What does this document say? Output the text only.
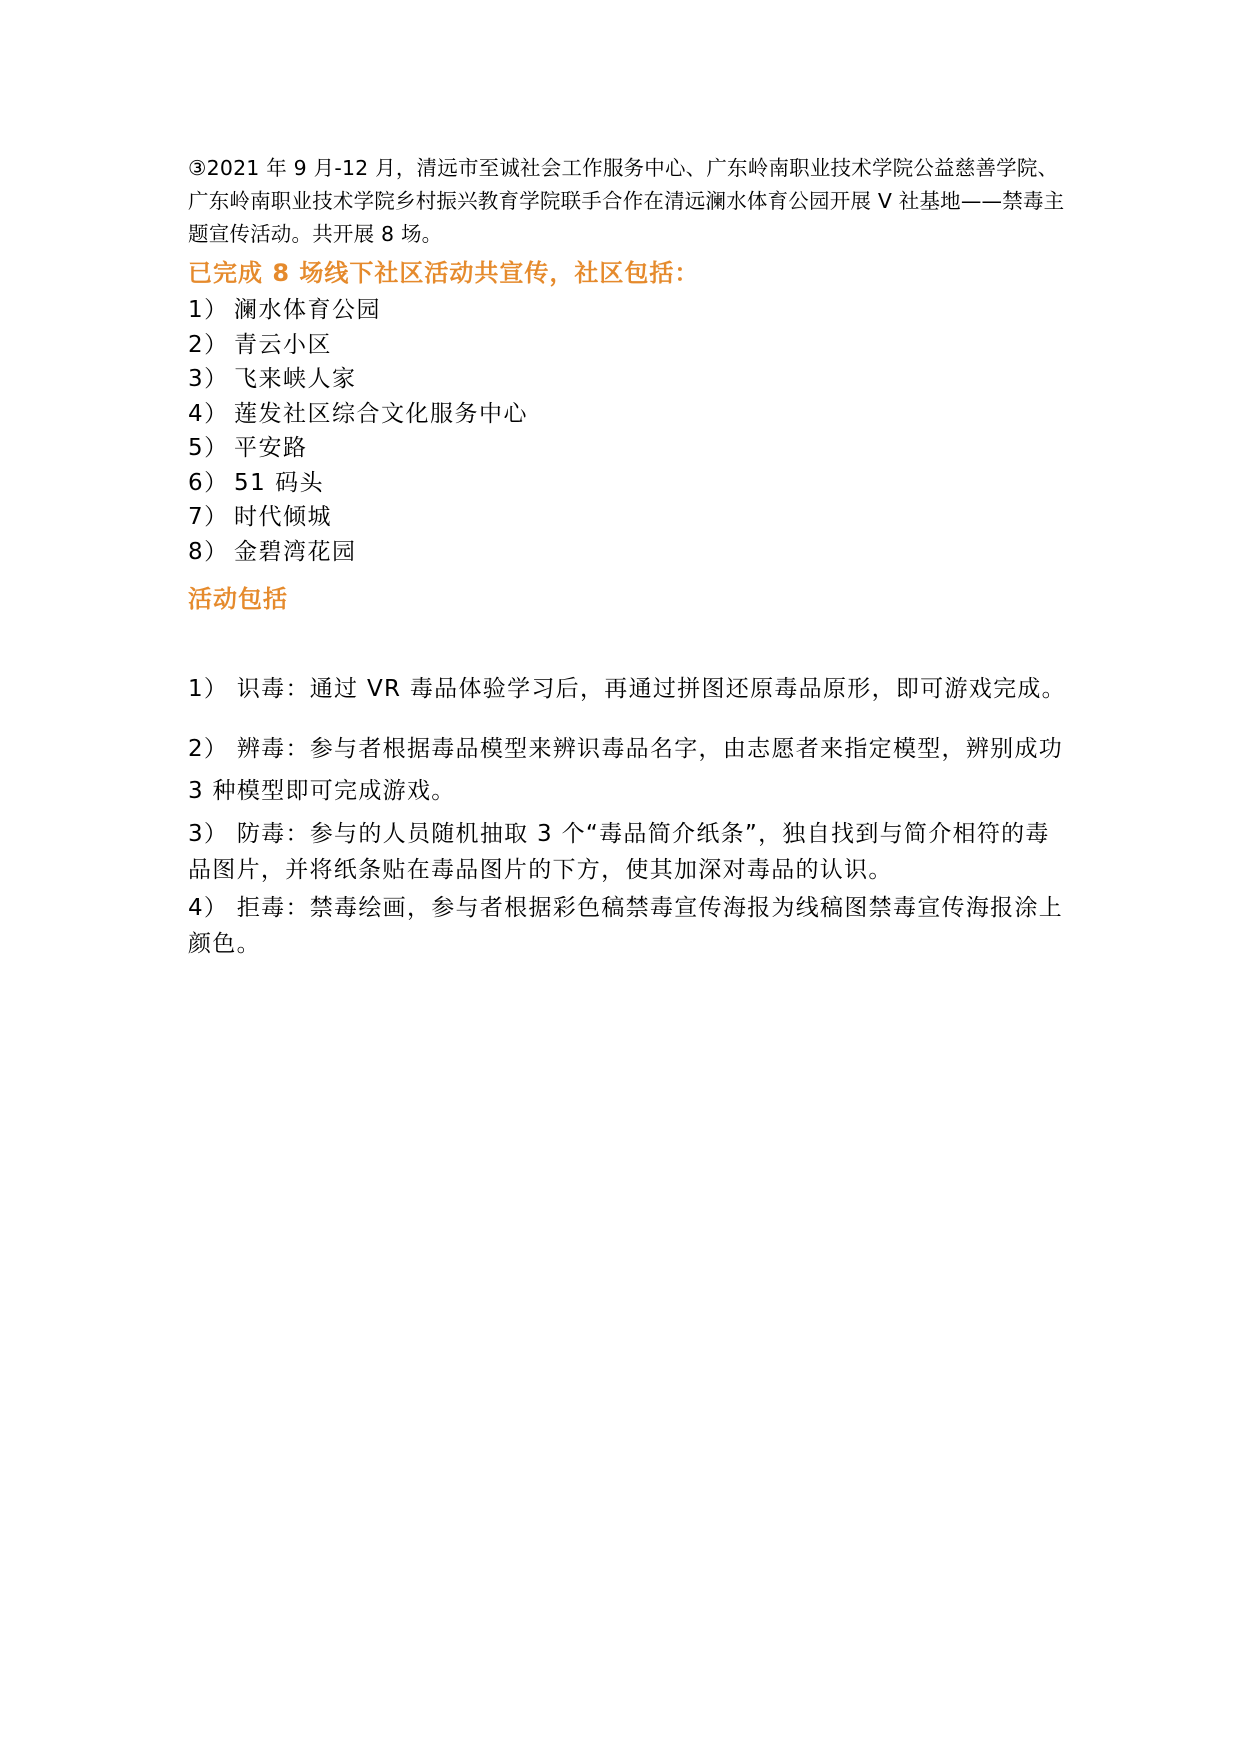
③2021 年 9 月-12 月，清远市至诚社会工作服务中心、广东岭南职业技术学院公益慈善学院、广东岭南职业技术学院乡村振兴教育学院联手合作在清远澜水体育公园开展 V 社基地——禁毒主题宣传活动。共开展 8 场。

已完成 8 场线下社区活动共宣传，社区包括：
1） 澜水体育公园
2） 青云小区
3） 飞来峡人家
4） 莲发社区综合文化服务中心
5） 平安路
6） 51 码头
7） 时代倾城
8） 金碧湾花园
活动包括

1） 识毒：通过 VR 毒品体验学习后，再通过拼图还原毒品原形，即可游戏完成。

2） 辨毒：参与者根据毒品模型来辨识毒品名字，由志愿者来指定模型，辨别成功 3 种模型即可完成游戏。

3） 防毒：参与的人员随机抽取 3 个“毒品简介纸条”，独自找到与简介相符的毒品图片，并将纸条贴在毒品图片的下方，使其加深对毒品的认识。

4） 拒毒：禁毒绘画，参与者根据彩色稿禁毒宣传海报为线稿图禁毒宣传海报涂上颜色。
